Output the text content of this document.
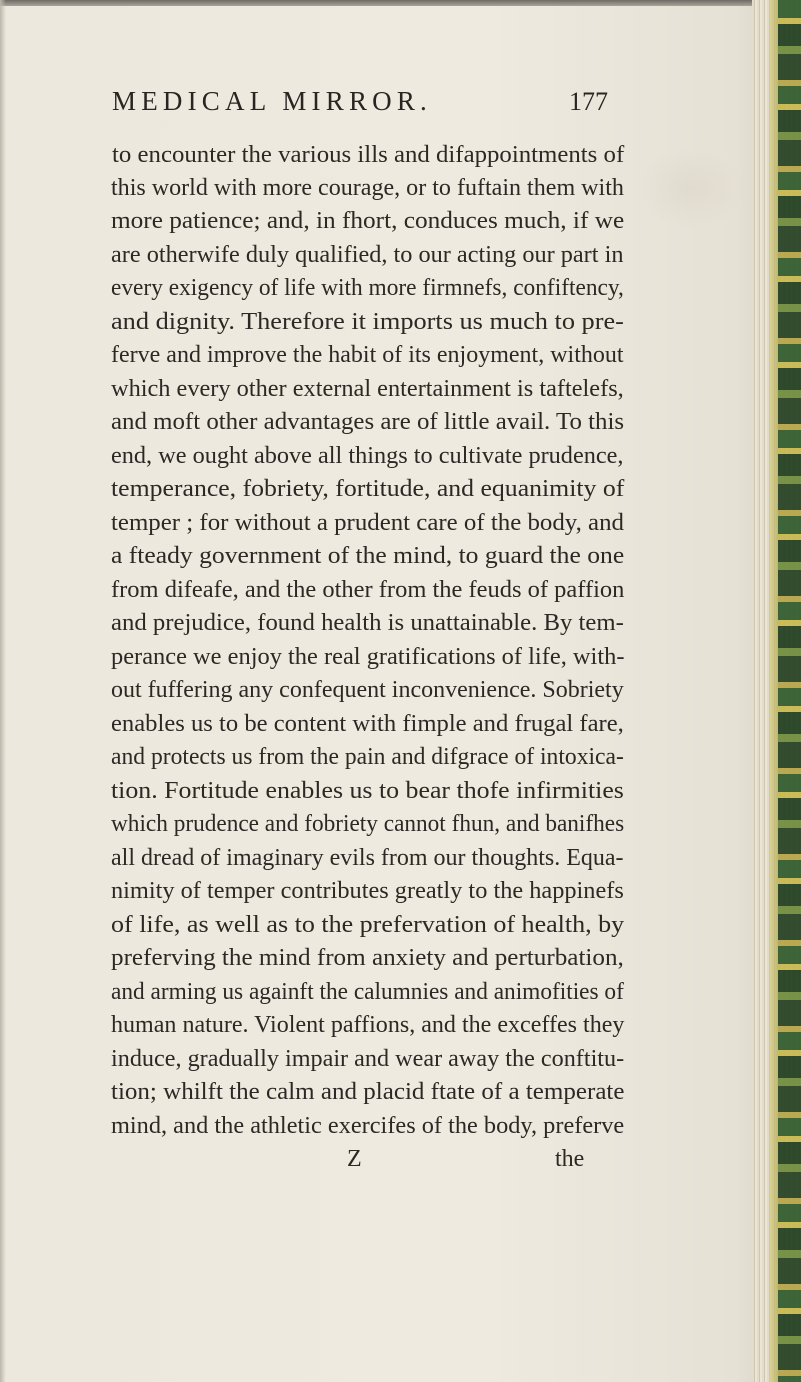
MEDICAL MIRROR.	177
to encounter the various ills and difappointments of
this world with more courage, or to fuftain them with
more patience; and, in fhort, conduces much, if we
are otherwife duly qualified, to our acting our part in
every exigency of life with more firmnefs, confiftency,
and dignity. Therefore it imports us much to pre-
ferve and improve the habit of its enjoyment, without
which every other external entertainment is taftelefs,
and moft other advantages are of little avail. To this
end, we ought above all things to cultivate prudence,
temperance, fobriety, fortitude, and equanimity of
temper ; for without a prudent care of the body, and
a fteady government of the mind, to guard the one
from difeafe, and the other from the feuds of paffion
and prejudice, found health is unattainable. By tem-
perance we enjoy the real gratifications of life, with-
out fuffering any confequent inconvenience. Sobriety
enables us to be content with fimple and frugal fare,
and protects us from the pain and difgrace of intoxica-
tion. Fortitude enables us to bear thofe infirmities
which prudence and fobriety cannot fhun, and banifhes
all dread of imaginary evils from our thoughts. Equa-
nimity of temper contributes greatly to the happinefs
of life, as well as to the prefervation of health, by
preferving the mind from anxiety and perturbation,
and arming us againft the calumnies and animofities of
human nature. Violent paffions, and the exceffes they
induce, gradually impair and wear away the conftitu-
tion; whilft the calm and placid ftate of a temperate
mind, and the athletic exercifes of the body, preferve
Z	the
